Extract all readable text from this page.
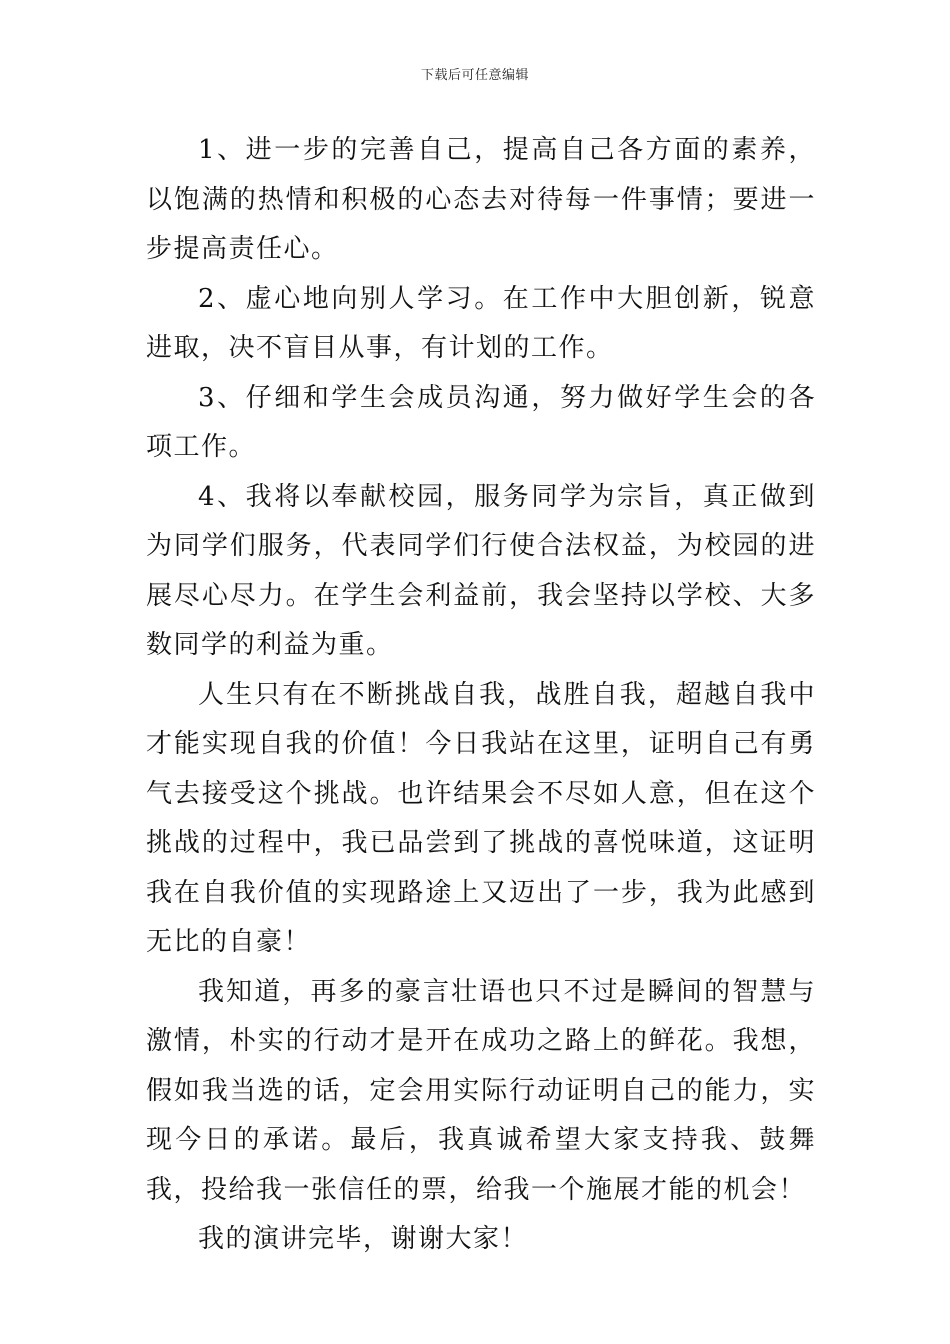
下载后可任意编辑

1、进一步的完善自己，提高自己各方面的素养，以饱满的热情和积极的心态去对待每一件事情；要进一步提高责任心。

2、虚心地向别人学习。在工作中大胆创新，锐意进取，决不盲目从事，有计划的工作。

3、仔细和学生会成员沟通，努力做好学生会的各项工作。

4、我将以奉献校园，服务同学为宗旨，真正做到为同学们服务，代表同学们行使合法权益，为校园的进展尽心尽力。在学生会利益前，我会坚持以学校、大多数同学的利益为重。

人生只有在不断挑战自我，战胜自我，超越自我中才能实现自我的价值！今日我站在这里，证明自己有勇气去接受这个挑战。也许结果会不尽如人意，但在这个挑战的过程中，我已品尝到了挑战的喜悦味道，这证明我在自我价值的实现路途上又迈出了一步，我为此感到无比的自豪！

我知道，再多的豪言壮语也只不过是瞬间的智慧与激情，朴实的行动才是开在成功之路上的鲜花。我想，假如我当选的话，定会用实际行动证明自己的能力，实现今日的承诺。最后，我真诚希望大家支持我、鼓舞我，投给我一张信任的票，给我一个施展才能的机会！

我的演讲完毕，谢谢大家！
